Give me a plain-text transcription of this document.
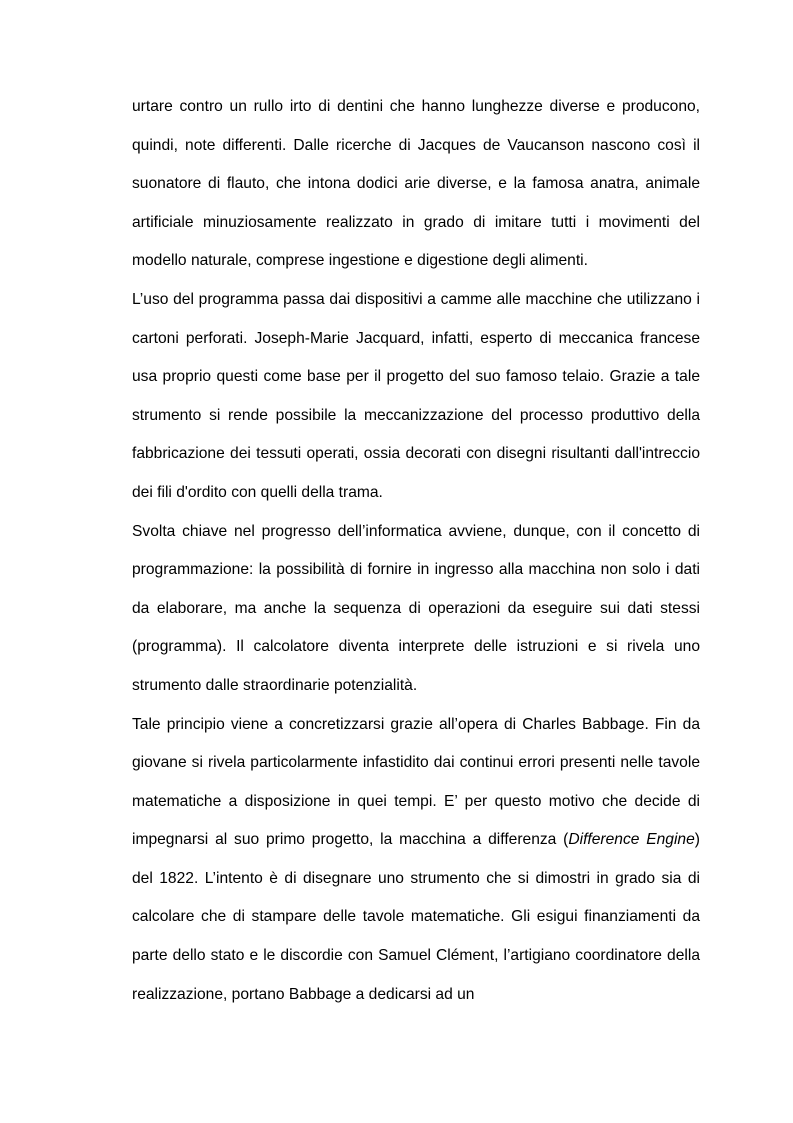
urtare contro un rullo irto di dentini che hanno lunghezze diverse e producono, quindi, note differenti. Dalle ricerche di Jacques de Vaucanson nascono così il suonatore di flauto, che intona dodici arie diverse, e la famosa anatra, animale artificiale minuziosamente realizzato in grado di imitare tutti i movimenti del modello naturale, comprese ingestione e digestione degli alimenti.

L’uso del programma passa dai dispositivi a camme alle macchine che utilizzano i cartoni perforati. Joseph-Marie Jacquard, infatti, esperto di meccanica francese usa proprio questi come base per il progetto del suo famoso telaio. Grazie a tale strumento si rende possibile la meccanizzazione del processo produttivo della fabbricazione dei tessuti operati, ossia decorati con disegni risultanti dall'intreccio dei fili d'ordito con quelli della trama.

Svolta chiave nel progresso dell’informatica avviene, dunque, con il concetto di programmazione: la possibilità di fornire in ingresso alla macchina non solo i dati da elaborare, ma anche la sequenza di operazioni da eseguire sui dati stessi (programma). Il calcolatore diventa interprete delle istruzioni e si rivela uno strumento dalle straordinarie potenzialità.

Tale principio viene a concretizzarsi grazie all’opera di Charles Babbage. Fin da giovane si rivela particolarmente infastidito dai continui errori presenti nelle tavole matematiche a disposizione in quei tempi. E’ per questo motivo che decide di impegnarsi al suo primo progetto, la macchina a differenza (Difference Engine) del 1822. L’intento è di disegnare uno strumento che si dimostri in grado sia di calcolare che di stampare delle tavole matematiche. Gli esigui finanziamenti da parte dello stato e le discordie con Samuel Clément, l’artigiano coordinatore della realizzazione, portano Babbage a dedicarsi ad un
